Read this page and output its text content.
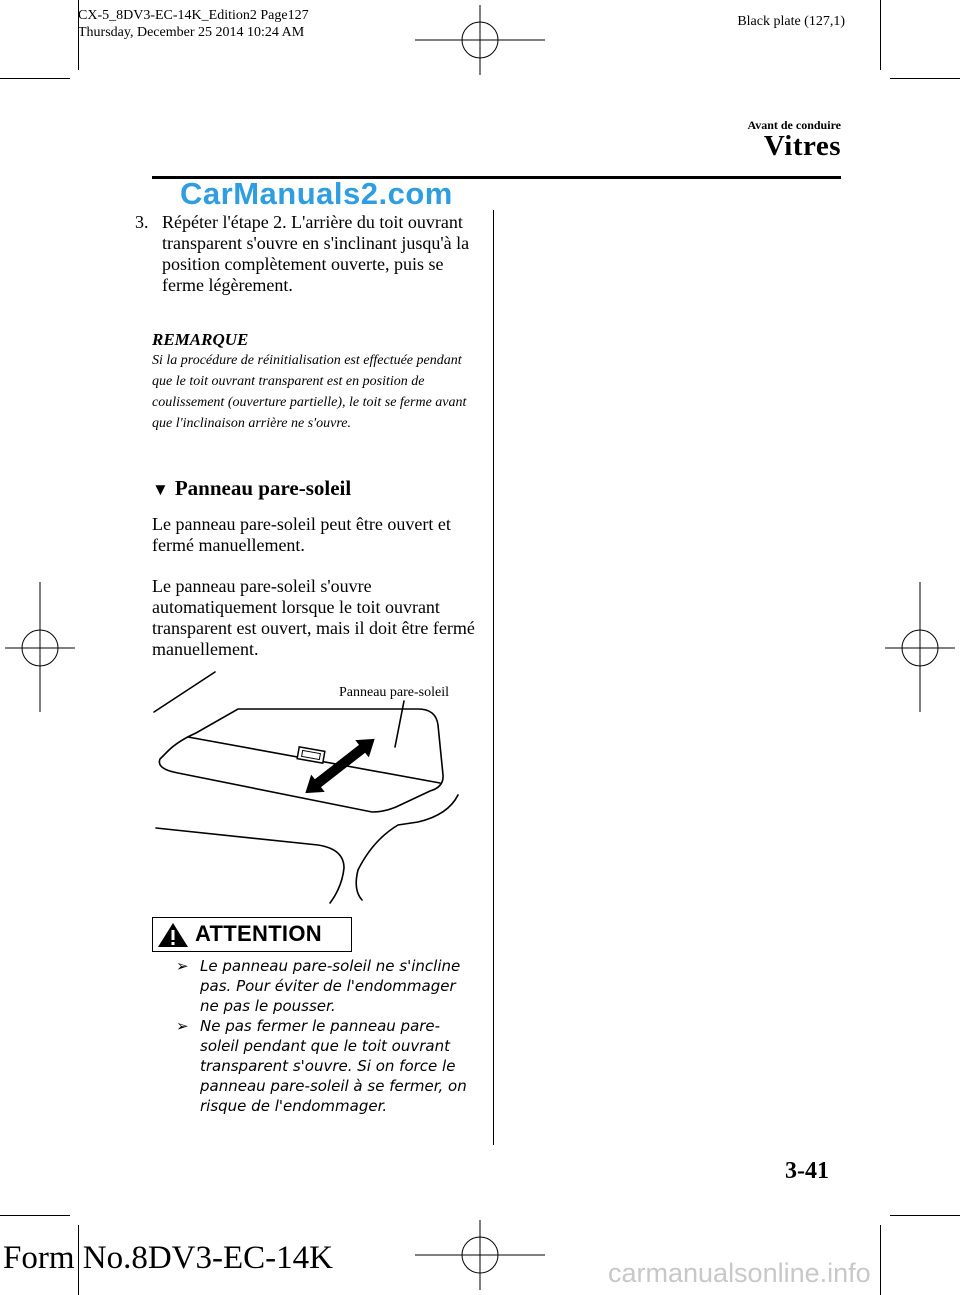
CX-5_8DV3-EC-14K_Edition2 Page127
Thursday, December 25 2014 10:24 AM
Black plate (127,1)
Avant de conduire
Vitres
CarManuals2.com
3. Répéter l'étape 2. L'arrière du toit ouvrant transparent s'ouvre en s'inclinant jusqu'à la position complètement ouverte, puis se ferme légèrement.
REMARQUE
Si la procédure de réinitialisation est effectuée pendant que le toit ouvrant transparent est en position de coulissement (ouverture partielle), le toit se ferme avant que l'inclinaison arrière ne s'ouvre.
▼ Panneau pare-soleil
Le panneau pare-soleil peut être ouvert et fermé manuellement.
Le panneau pare-soleil s'ouvre automatiquement lorsque le toit ouvrant transparent est ouvert, mais il doit être fermé manuellement.
Panneau pare-soleil
ATTENTION
➢ Le panneau pare-soleil ne s'incline pas. Pour éviter de l'endommager ne pas le pousser.
➢ Ne pas fermer le panneau pare-soleil pendant que le toit ouvrant transparent s'ouvre. Si on force le panneau pare-soleil à se fermer, on risque de l'endommager.
3-41
Form No.8DV3-EC-14K	carmanualsonline.info
